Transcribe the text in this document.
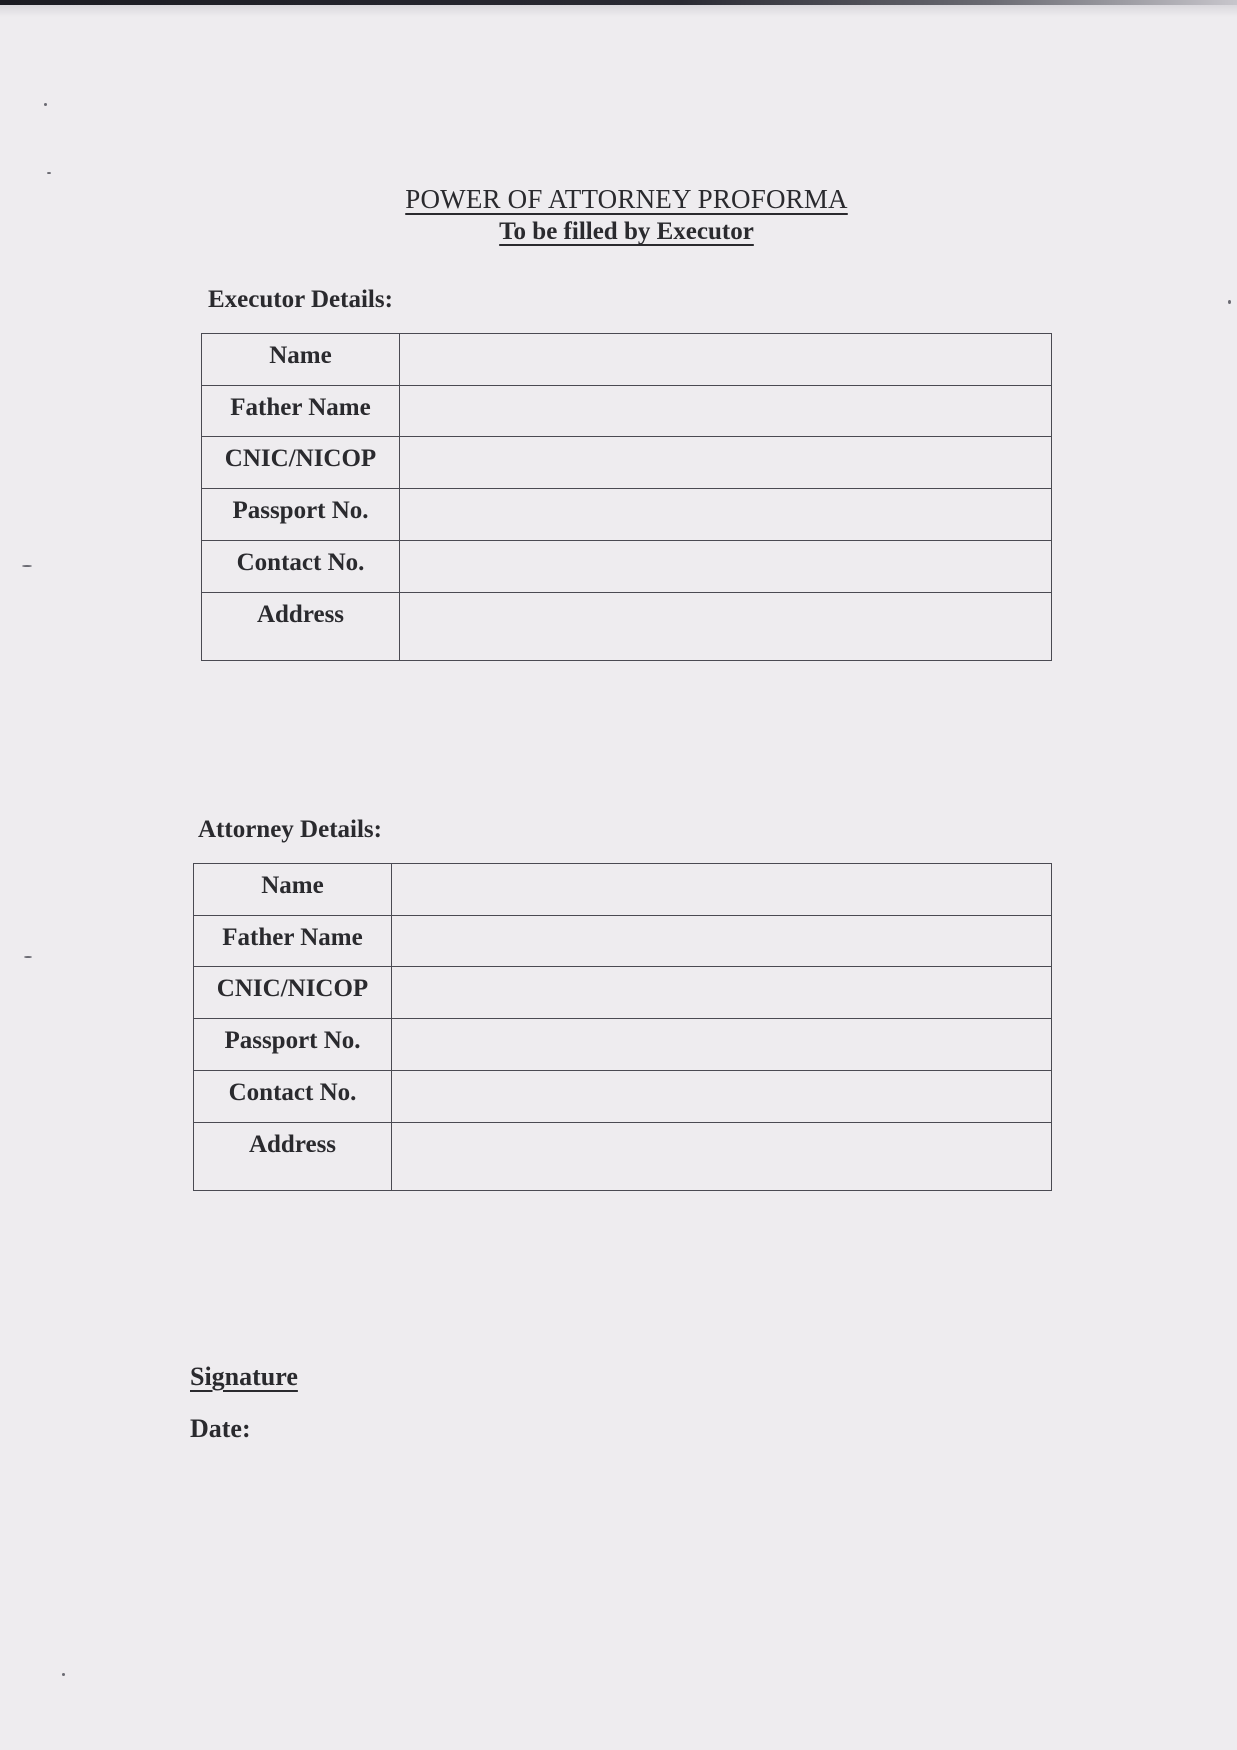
POWER OF ATTORNEY PROFORMA
To be filled by Executor
Executor Details:
Name	
Father Name	
CNIC/NICOP	
Passport No.	
Contact No.	
Address	
Attorney Details:
Name	
Father Name	
CNIC/NICOP	
Passport No.	
Contact No.	
Address	
Signature
Date:
